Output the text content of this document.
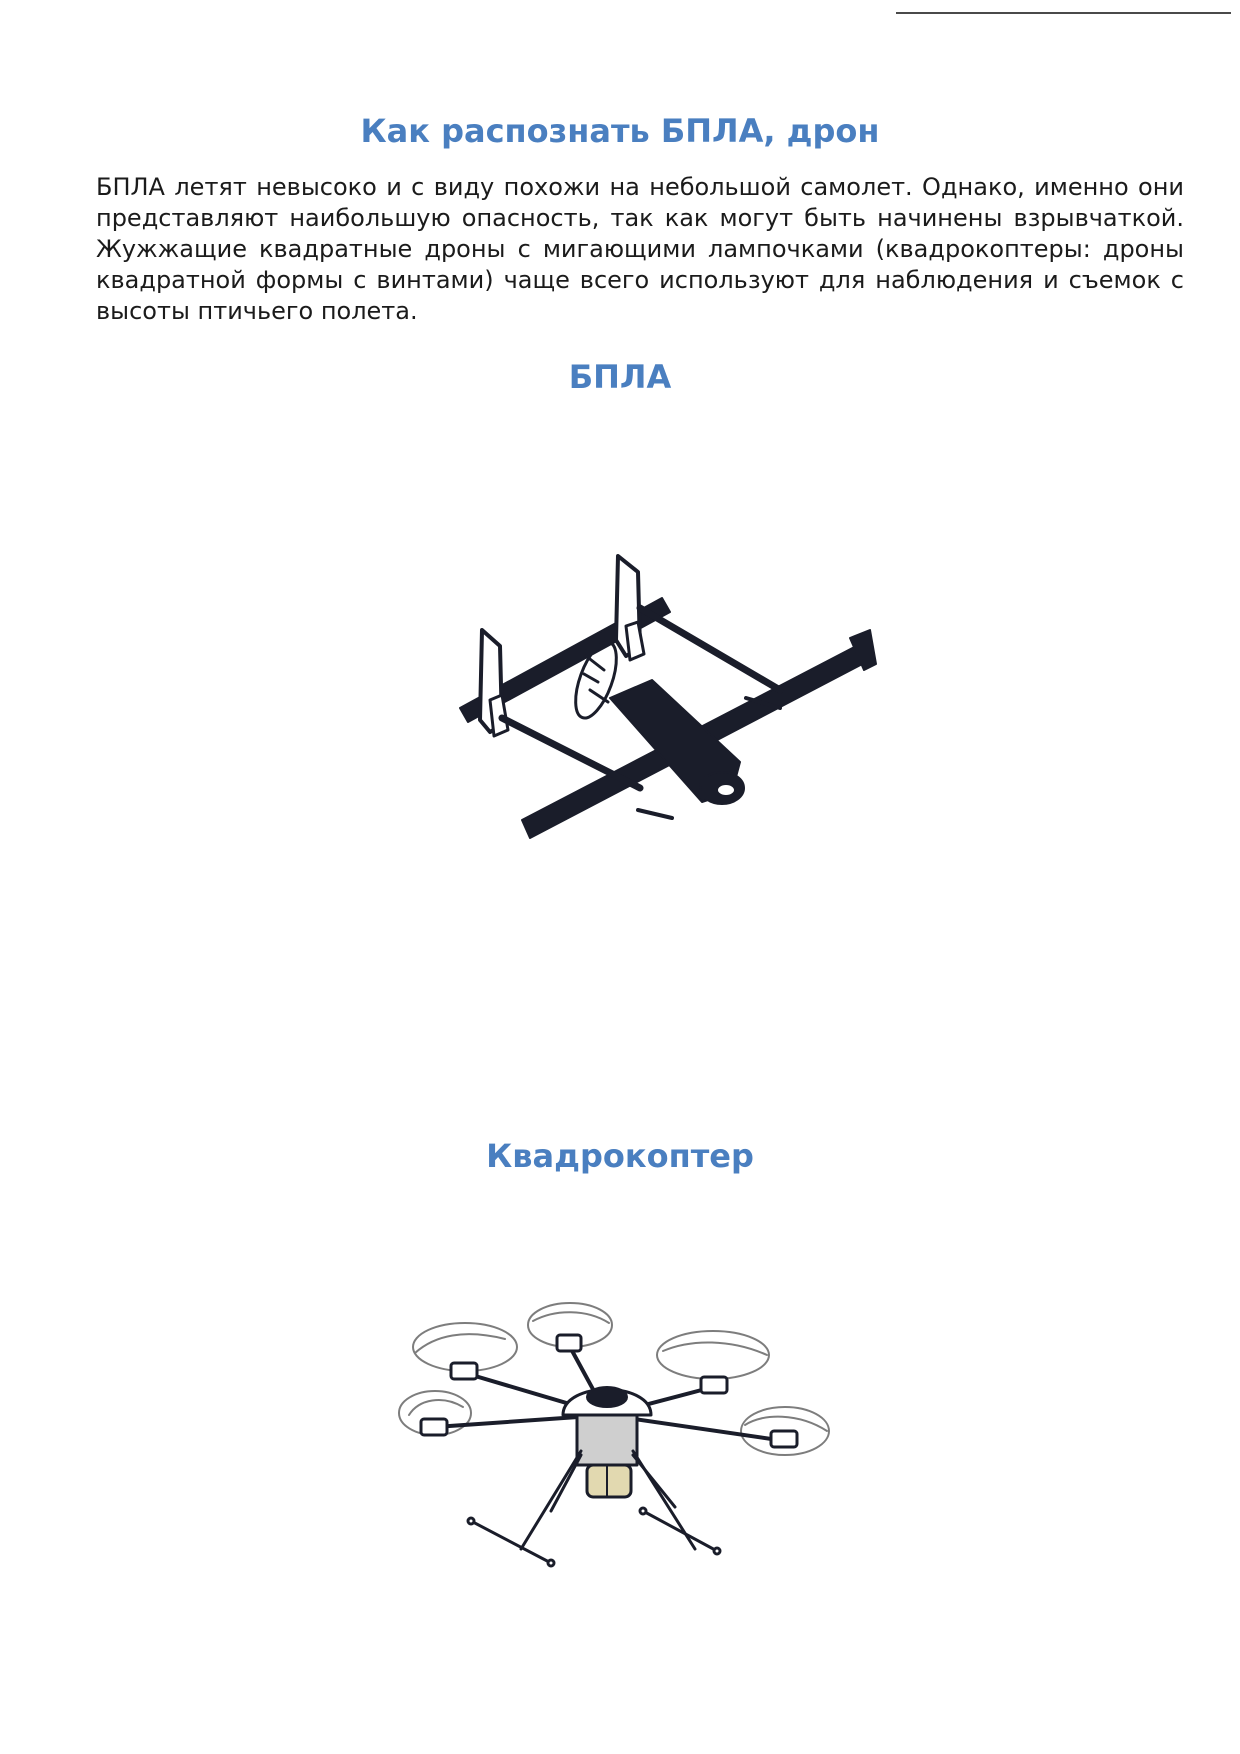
Как распознать БПЛА, дрон

БПЛА летят невысоко и с виду похожи на небольшой самолет. Однако, именно они представляют наибольшую опасность, так как могут быть начинены взрывчаткой. Жужжащие квадратные дроны с мигающими лампочками (квадрокоптеры: дроны квадратной формы с винтами) чаще всего используют для наблюдения и съемок с высоты птичьего полета.

БПЛА
Квадрокоптер
